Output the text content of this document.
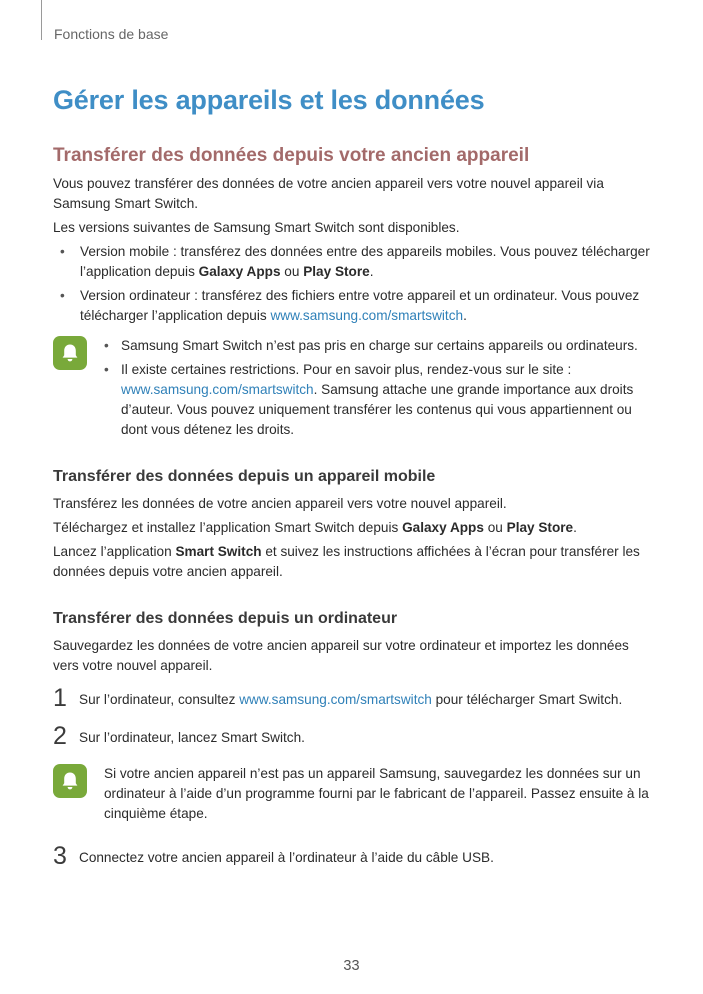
Fonctions de base
Gérer les appareils et les données
Transférer des données depuis votre ancien appareil

Vous pouvez transférer des données de votre ancien appareil vers votre nouvel appareil via Samsung Smart Switch.

Les versions suivantes de Samsung Smart Switch sont disponibles.

• Version mobile : transférez des données entre des appareils mobiles. Vous pouvez télécharger l’application depuis Galaxy Apps ou Play Store.
• Version ordinateur : transférez des fichiers entre votre appareil et un ordinateur. Vous pouvez télécharger l’application depuis www.samsung.com/smartswitch.
• Samsung Smart Switch n’est pas pris en charge sur certains appareils ou ordinateurs.
• Il existe certaines restrictions. Pour en savoir plus, rendez-vous sur le site : www.samsung.com/smartswitch. Samsung attache une grande importance aux droits d’auteur. Vous pouvez uniquement transférer les contenus qui vous appartiennent ou dont vous détenez les droits.
Transférer des données depuis un appareil mobile

Transférez les données de votre ancien appareil vers votre nouvel appareil.

Téléchargez et installez l’application Smart Switch depuis Galaxy Apps ou Play Store.

Lancez l’application Smart Switch et suivez les instructions affichées à l’écran pour transférer les données depuis votre ancien appareil.

Transférer des données depuis un ordinateur

Sauvegardez les données de votre ancien appareil sur votre ordinateur et importez les données vers votre nouvel appareil.

1 Sur l’ordinateur, consultez www.samsung.com/smartswitch pour télécharger Smart Switch.
2 Sur l’ordinateur, lancez Smart Switch.

Si votre ancien appareil n’est pas un appareil Samsung, sauvegardez les données sur un ordinateur à l’aide d’un programme fourni par le fabricant de l’appareil. Passez ensuite à la cinquième étape.

3 Connectez votre ancien appareil à l’ordinateur à l’aide du câble USB.
33
